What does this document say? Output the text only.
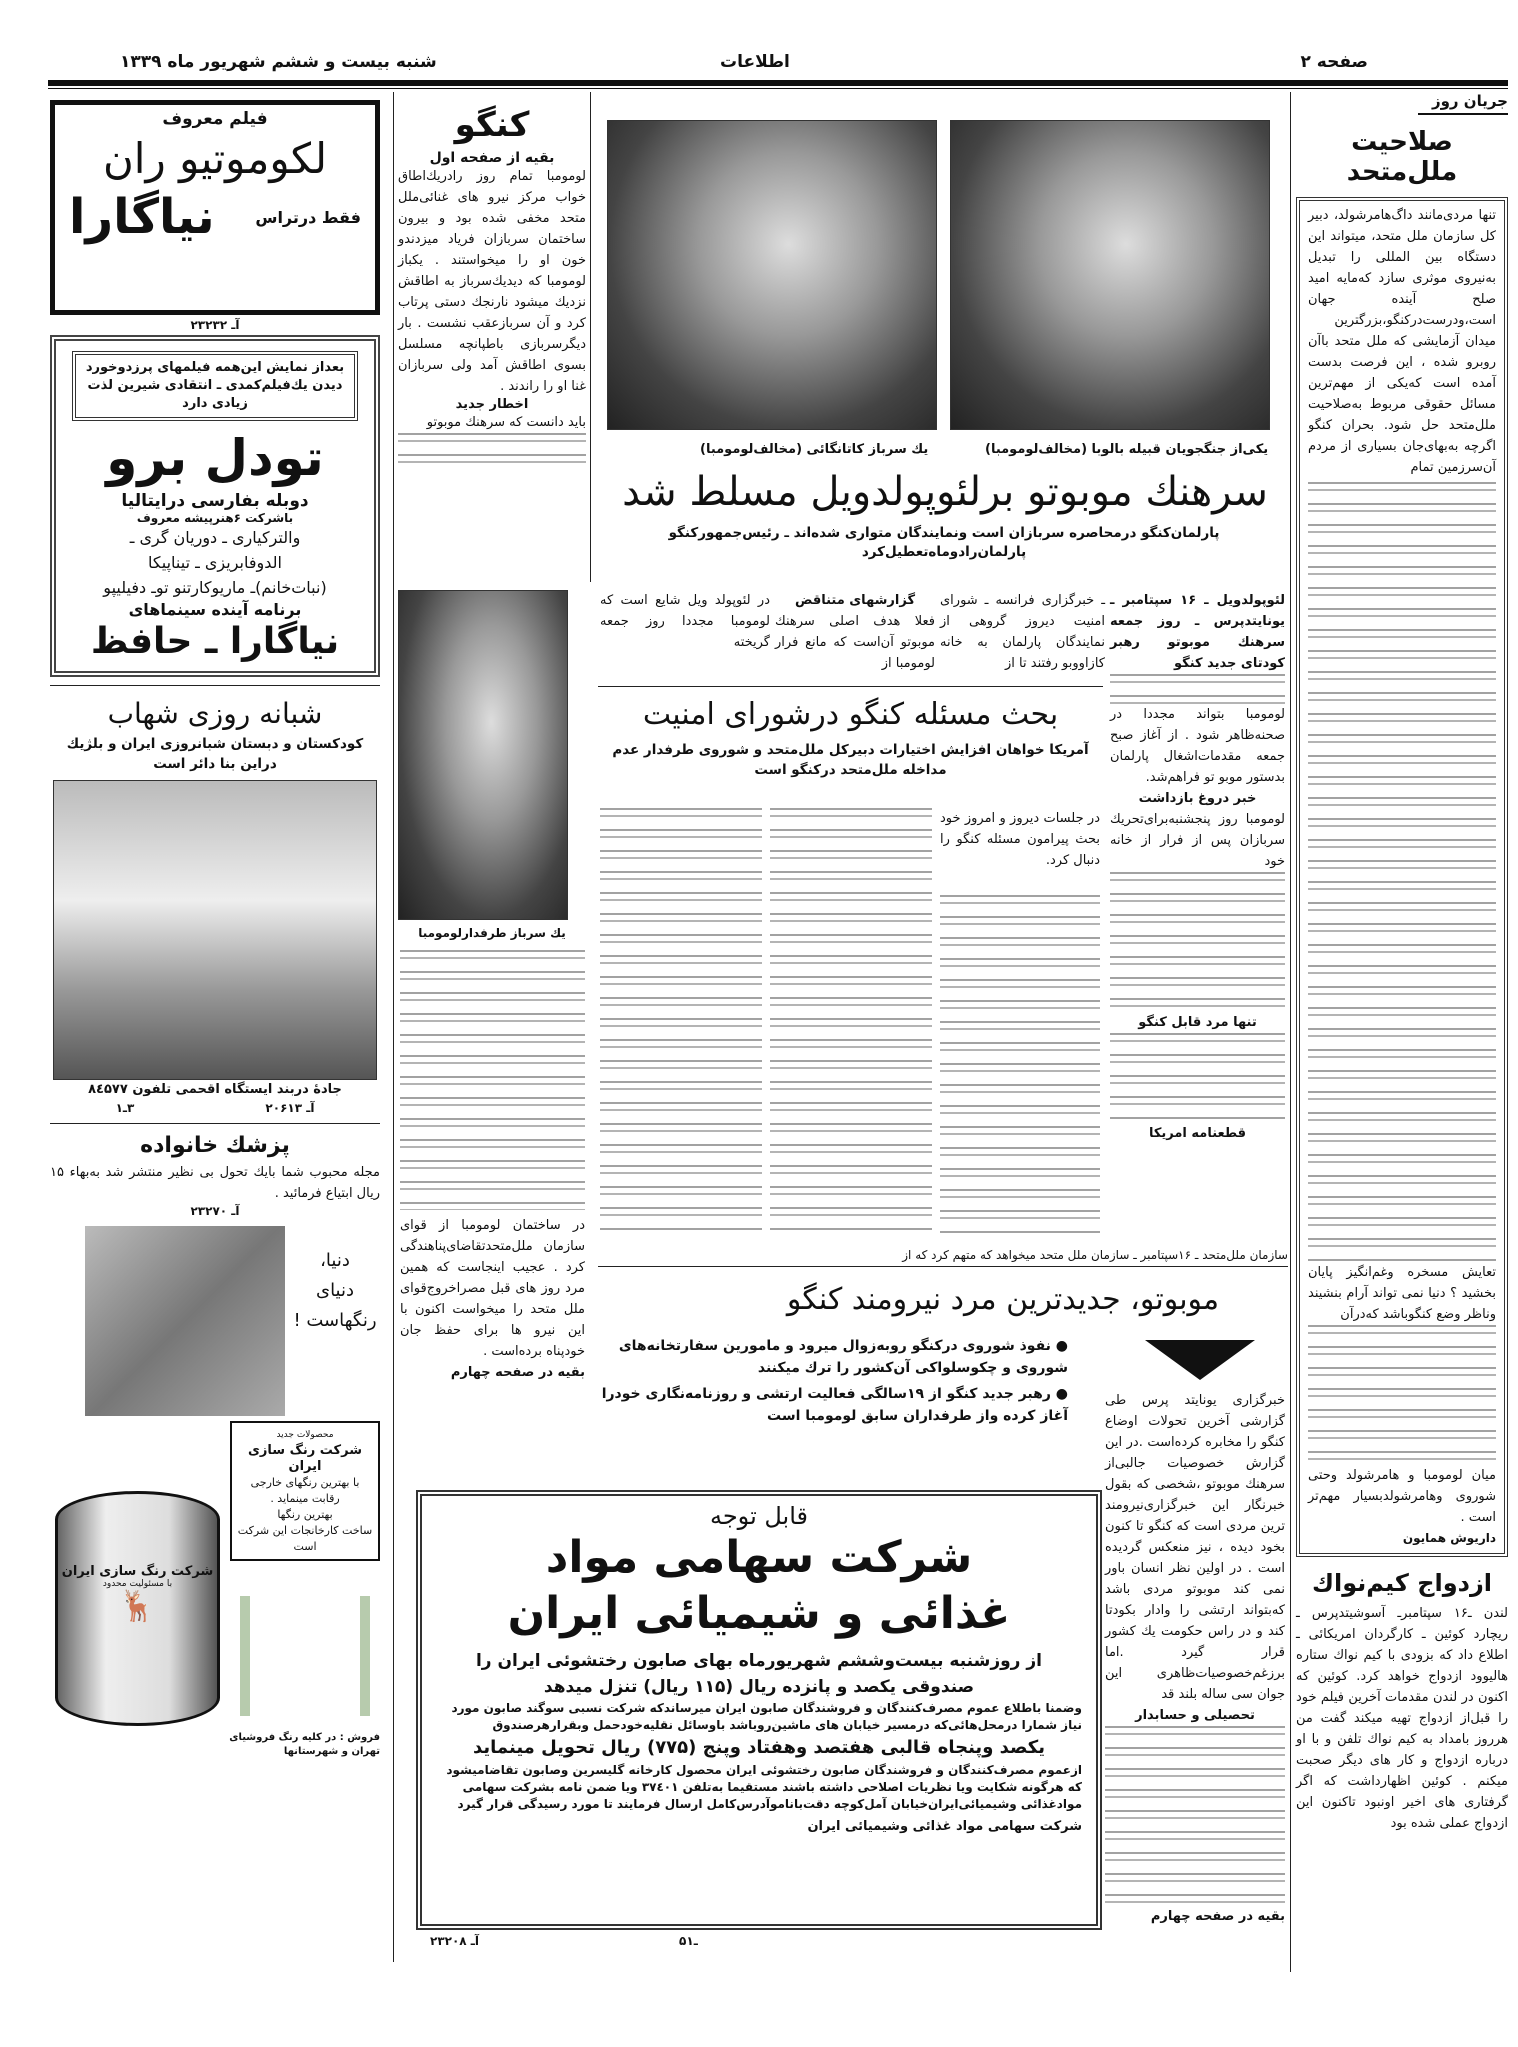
صفحه ۲
اطلاعات
شنبه بیست و ششم شهریور ماه ۱۳۳۹
جریان روز
صلاحیت ملل‌متحد
تنها مردی‌مانند داگ‌هامرشولد، دبیر کل سازمان ملل متحد، میتواند این دستگاه بین المللی را تبدیل به‌نیروی موثری سازد که‌مایه امید صلح آینده جهان است،ودرست‌درکنگو،بزرگترین میدان آزمایشی که ملل متحد باآن روبرو شده ، این فرصت بدست آمده است که‌یکی از مهم‌ترین مسائل حقوقی مربوط به‌صلاحیت ملل‌متحد حل شود. بحران کنگو اگرچه به‌بهای‌جان بسیاری از مردم آن‌سرزمین تمام
تعایش مسخره وغم‌انگیز پایان بخشید ؟ دنیا نمی تواند آرام بنشیند وناظر وضع کنگوباشد که‌درآن
میان لومومبا و هامرشولد وحتی شوروی وهامرشولدبسیار مهم‌تر است .
داریوش همایون
ازدواج کیم‌نواك
لندن ـ۱۶ سپتامبر‌ـ آسوشیتدپرس ـ ریچارد کوئین ـ کارگردان امریکائی ـ اطلاع داد که بزودی با کیم نواك ستاره هالیوود ازدواج خواهد کرد. کوئین که اکنون در لندن مقدمات آخرین فیلم خود را قبل‌از ازدواج تهیه میکند گفت من هرروز بامداد به کیم نواك تلفن و با او درباره ازدواج و کار های دیگر صحبت میکنم . کوئین اظهارداشت که اگر گرفتاری های اخیر اونبود تاکنون این ازدواج عملی شده بود
کنگو
بقیه از صفحه اول
لومومبا تمام روز رادریك‌اطاق خواب مرکز نیرو های غنائی‌ملل متحد مخفی شده بود و بیرون ساختمان سربازان فریاد میزدندو خون او را میخواستند . یکباز لومومبا که دیدیك‌سرباز به اطاقش نزدیك میشود نارنجك دستی پرتاب کرد و آن سربازعقب نشست . بار دیگرسربازی باطپانچه مسلسل بسوی اطاقش آمد ولی سربازان غنا او را راندند .
اخطار جدید
باید دانست که سرهنك موبوتو
یك سرباز طرفدارلومومبا
در ساختمان لومومبا از قوای سازمان ملل‌متحدتقاضای‌پناهندگی کرد . عجیب اینجاست که همین مرد روز های قبل مصراخروج‌قوای ملل متحد را میخواست اکنون با این نیرو ها برای حفظ جان خودپناه برده‌است .
بقیه در صفحه چهارم
یك سرباز کاتانگائی (مخالف‌لومومبا)	یکی‌از جنگجویان قبیله بالوبا (مخالف‌لومومبا)
سرهنك موبوتو برلئوپولدویل مسلط شد
پارلمان‌کنگو درمحاصره سربازان است ونمایندگان متواری شده‌اند ـ رئیس‌جمهورکنگو پارلمان‌رادوماه‌تعطیل‌کرد
لئوپولدویل ـ ۱۶ سپتامبر ـ یونایتدپرس ـ روز جمعه سرهنك موبوتو رهبر کودتای جدید کنگو
لومومبا بتواند مجددا در صحنه‌ظاهر شود . از آغاز صبح جمعه مقدمات‌اشغال پارلمان بدستور موبو تو فراهم‌شد.
خبر دروغ بازداشت
لومومبا روز پنجشنبه‌برای‌تحریك سربازان پس از فرار از خانه خود
تنها مرد قابل کنگو
قطعنامه امریکا
ـ خبرگزاری فرانسه ـ شورای امنیت دیروز گروهی از نمایندگان پارلمان به خانه کازاووبو رفتند تا از
گزارشهای متناقض
فعلا هدف اصلی سرهنك موبوتو آن‌است که مانع فرار لومومبا از
در لئوپولد ویل شایع است که لومومبا مجددا روز جمعه گریخته
بحث مسئله کنگو درشورای امنیت
آمریکا خواهان افزایش اختیارات دبیرکل ملل‌متحد و شوروی طرفدار عدم مداخله ملل‌متحد درکنگو است
در جلسات دیروز و امروز خود بحث پیرامون مسئله کنگو را دنبال کرد.
سازمان ملل‌متحد ـ ۱۶سپتامبر ـ سازمان ملل متحد میخواهد که متهم کرد که از
موبوتو، جدیدترین مرد نیرومند کنگو
● نفوذ شوروی درکنگو روبه‌زوال میرود و مامورین سفارتخانه‌های شوروی و چکوسلواکی آن‌کشور را ترك میکنند
● رهبر جدید کنگو از ۱۹سالگی فعالیت ارتشی و روزنامه‌نگاری خودرا آغاز کرده واز طرفداران سابق لومومبا است
خبرگزاری یونایتد پرس طی گزارشی آخرین تحولات اوضاع کنگو را مخابره کرده‌است .در این گزارش خصوصیات جالبی‌از سرهنك موبوتو ،شخصی که بقول خبرنگار این خبرگزاری‌نیرومند ترین مردی است که کنگو تا کنون بخود دیده ، نیز منعکس گردیده است . در اولین نظر انسان باور نمی کند موبوتو مردی باشد که‌بتواند ارتشی را وادار بکودتا کند و در راس حکومت یك کشور قرار گیرد .اما برزغم‌خصوصیات‌ظاهری این جوان سی ساله بلند قد
تحصیلی و حسابدار
بقیه در صفحه چهارم
قابل توجه
شرکت سهامی مواد غذائی و شیمیائی ایران
از روزشنبه بیست‌وششم شهریورماه بهای صابون رختشوئی ایران را
صندوقی یکصد و پانزده ریال (۱۱۵ ریال) تنزل میدهد
وضمنا باطلاع عموم مصرف‌کنندگان و فروشندگان صابون ایران میرساندکه شرکت نسبی سوگند صابون مورد نیاز شمارا درمحل‌هائی‌که درمسیر خیابان های ماشین‌روباشد باوسائل نقلیه‌خودحمل وبقرارهرصندوق
یکصد وپنجاه قالبی هفتصد وهفتاد وپنج (۷۷۵) ریال تحویل مینماید
ازعموم مصرف‌کنندگان و فروشندگان صابون رختشوئی ایران محصول کارخانه گلیسرین وصابون تقاضامیشود که هرگونه شکایت ویا نظریات اصلاحی داشته باشند مستقیما به‌تلفن ۳۷٤۰۱ ویا ضمن نامه بشرکت سهامی موادغذائی وشیمیائی‌ایران‌خیابان آمل‌کوچه دقت‌باناموآدرس‌کامل ارسال فرمایند تا مورد رسیدگی قرار گیرد
شرکت سهامی مواد غذائی وشیمیائی ایران
آـ ۲۳۲۰۸	۵ـ۱
فیلم معروف
لکوموتیو ران
فقط درتراس
نیاگارا
آـ ۲۳۲۳۲
بعداز نمایش این‌همه فیلمهای پرزدوخورد دیدن یك‌فیلم‌کمدی ـ انتقادی شیرین لذت زیادی دارد
تودل برو
دوبله بفارسی درایتالیا
باشرکت ۶هنرپیشه معروف
والترکیاری ـ دوریان گری ـ
الدوفابریزی ـ تیناپیکا
(نبات‌خانم)ـ ماریوکارتنو توـ دفیلیپو
برنامه آینده سینماهای
نیاگارا ـ حافظ
شبانه روزی شهاب
کودکستان و دبستان شبانروزی ایران و بلژیك دراین بنا دائر است
جادهٔ دربند ایستگاه اقحمی تلفون ۸٤۵۷۷
آـ ۲۰۶۱۳
۳ـ۱
پزشك خانواده
مجله محبوب شما بایك تحول بی نظیر منتشر شد به‌بهاء ۱۵ ریال ابتیاع فرمائید .
آـ ۲۳۲۷۰
دنیا،
دنیای
رنگهاست !
محصولات جدید
شرکت رنگ سازی ایران
با بهترین رنگهای خارجی رقابت مینماید .
بهترین رنگها
ساخت کارخانجات این شرکت است
شرکت رنگ سازی ایران
با مسئولیت محدود
🦌
فروش : در کلیه رنگ فروشیای تهران و شهرستانها
